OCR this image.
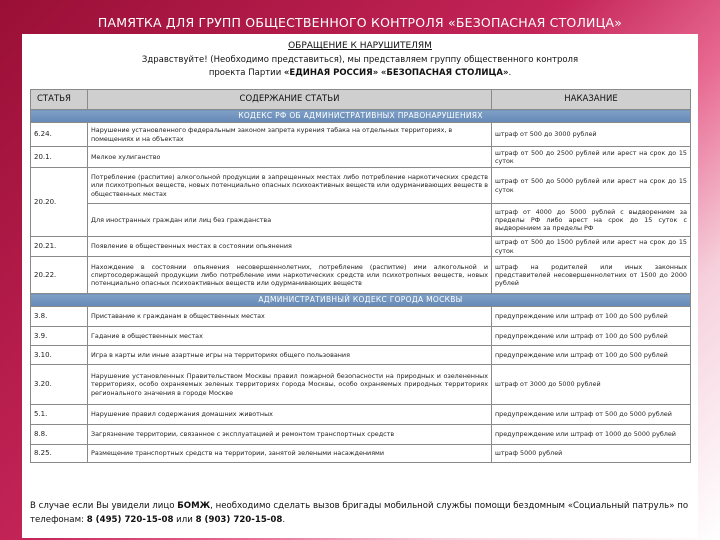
ПАМЯТКА ДЛЯ ГРУПП ОБЩЕСТВЕННОГО КОНТРОЛЯ «БЕЗОПАСНАЯ СТОЛИЦА»
ОБРАЩЕНИЕ К НАРУШИТЕЛЯМ
Здравствуйте! (Необходимо представиться), мы представляем группу общественного контроля
проекта Партии «ЕДИНАЯ РОССИЯ» «БЕЗОПАСНАЯ СТОЛИЦА».
СТАТЬЯ	СОДЕРЖАНИЕ СТАТЬИ	НАКАЗАНИЕ
КОДЕКС РФ ОБ АДМИНИСТРАТИВНЫХ ПРАВОНАРУШЕНИЯХ		
6.24.	Нарушение установленного федеральным законом запрета курения табака на отдельных территориях, в помещениях и на объектах	штраф от 500 до 3000 рублей
20.1.	Мелкое хулиганство	штраф от 500 до 2500 рублей или арест на срок до 15 суток
20.20.	Потребление (распитие) алкогольной продукции в запрещенных местах либо потребление наркотических средств или психотропных веществ, новых потенциально опасных психоактивных веществ или одурманивающих веществ в общественных местах	штраф от 500 до 5000 рублей или арест на срок до 15 суток
	Для иностранных граждан или лиц без гражданства	штраф от 4000 до 5000 рублей с выдворением за пределы РФ либо арест на срок до 15 суток с выдворением за пределы РФ
20.21.	Появление в общественных местах в состоянии опьянения	штраф от 500 до 1500 рублей или арест на срок до 15 суток
20.22.	Нахождение в состоянии опьянения несовершеннолетних, потребление (распитие) ими алкогольной и спиртосодержащей продукции либо потребление ими наркотических средств или психотропных веществ, новых потенциально опасных психоактивных веществ или одурманивающих веществ	штраф на родителей или иных законных представителей несовершеннолетних от 1500 до 2000 рублей
АДМИНИСТРАТИВНЫЙ КОДЕКС ГОРОДА МОСКВЫ		
3.8.	Приставание к гражданам в общественных местах	предупреждение или штраф от 100 до 500 рублей
3.9.	Гадание в общественных местах	предупреждение или штраф от 100 до 500 рублей
3.10.	Игра в карты или иные азартные игры на территориях общего пользования	предупреждение или штраф от 100 до 500 рублей
3.20.	Нарушение установленных Правительством Москвы правил пожарной безопасности на природных и озелененных территориях, особо охраняемых зеленых территориях города Москвы, особо охраняемых природных территориях регионального значения в городе Москве	штраф от 3000 до 5000 рублей
5.1.	Нарушение правил содержания домашних животных	предупреждение или штраф от 500 до 5000 рублей
8.8.	Загрязнение территории, связанное с эксплуатацией и ремонтом транспортных средств	предупреждение или штраф от 1000 до 5000 рублей
8.25.	Размещение транспортных средств на территории, занятой зелеными насаждениями	штраф 5000 рублей
В случае если Вы увидели лицо БОМЖ, необходимо сделать вызов бригады мобильной службы помощи бездомным «Социальный патруль» по телефонам: 8 (495) 720-15-08 или 8 (903) 720-15-08.
